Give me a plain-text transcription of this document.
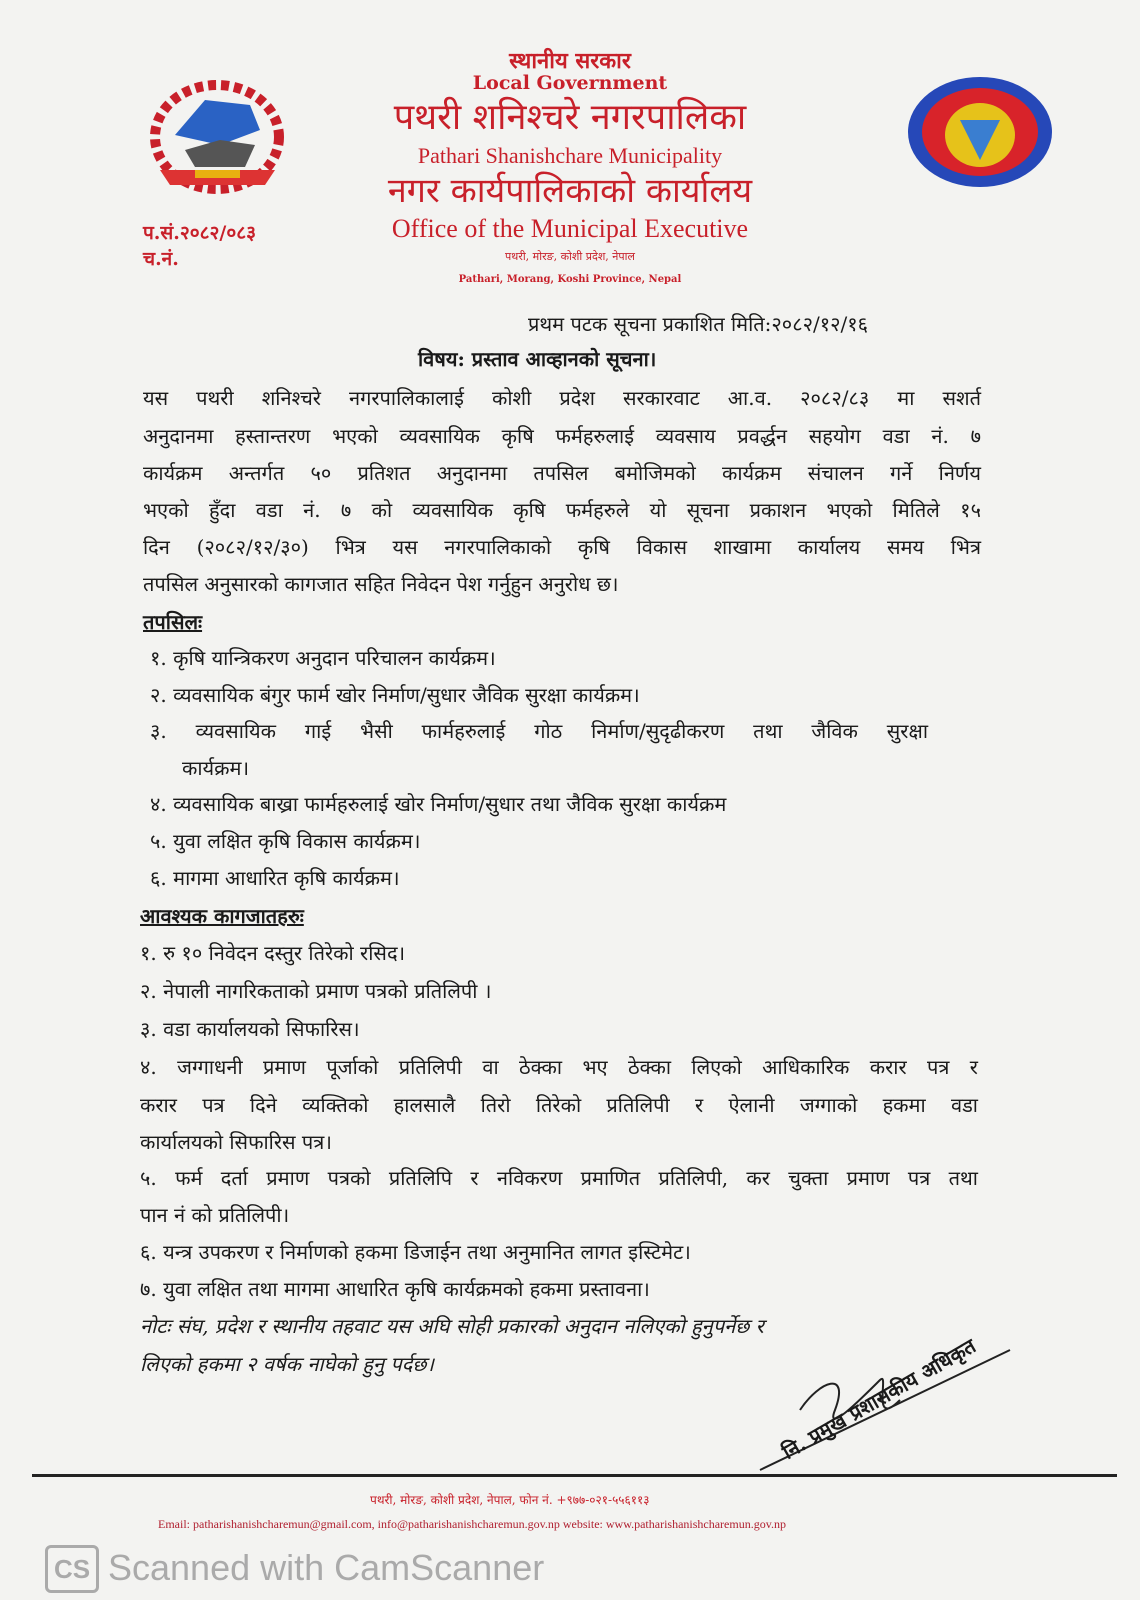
स्थानीय सरकार
Local Government
पथरी शनिश्चरे नगरपालिका
Pathari Shanishchare Municipality
नगर कार्यपालिकाको कार्यालय
Office of the Municipal Executive
पथरी, मोरङ, कोशी प्रदेश, नेपाल
Pathari, Morang, Koshi Province, Nepal
प.सं.२०८२/०८३
च.नं.
प्रथम पटक सूचना प्रकाशित मिति:२०८२/१२/१६
विषय: प्रस्ताव आव्हानको सूचना।
यस पथरी शनिश्चरे नगरपालिकालाई कोशी प्रदेश सरकारवाट आ.व. २०८२/८३ मा सशर्त
अनुदानमा हस्तान्तरण भएको व्यवसायिक कृषि फर्महरुलाई व्यवसाय प्रवर्द्धन सहयोग वडा नं. ७
कार्यक्रम अन्तर्गत ५० प्रतिशत अनुदानमा तपसिल बमोजिमको कार्यक्रम संचालन गर्ने निर्णय
भएको हुँदा वडा नं. ७ को व्यवसायिक कृषि फर्महरुले यो सूचना प्रकाशन भएको मितिले १५
दिन (२०८२/१२/३०) भित्र यस नगरपालिकाको कृषि विकास शाखामा कार्यालय समय भित्र
तपसिल अनुसारको कागजात सहित निवेदन पेश गर्नुहुन अनुरोध छ।
तपसिलः
१. कृषि यान्त्रिकरण अनुदान परिचालन कार्यक्रम।
२. व्यवसायिक बंगुर फार्म खोर निर्माण/सुधार जैविक सुरक्षा कार्यक्रम।
३. व्यवसायिक गाई भैसी फार्महरुलाई गोठ निर्माण/सुदृढीकरण तथा जैविक सुरक्षा
कार्यक्रम।
४. व्यवसायिक बाख्रा फार्महरुलाई खोर निर्माण/सुधार तथा जैविक सुरक्षा कार्यक्रम
५. युवा लक्षित कृषि विकास कार्यक्रम।
६. मागमा आधारित कृषि कार्यक्रम।
आवश्यक कागजातहरुः
१. रु १० निवेदन दस्तुर तिरेको रसिद।
२. नेपाली नागरिकताको प्रमाण पत्रको प्रतिलिपी ।
३. वडा कार्यालयको सिफारिस।
४. जग्गाधनी प्रमाण पूर्जाको प्रतिलिपी वा ठेक्का भए ठेक्का लिएको आधिकारिक करार पत्र र
करार पत्र दिने व्यक्तिको हालसालै तिरो तिरेको प्रतिलिपी र ऐलानी जग्गाको हकमा वडा
कार्यालयको सिफारिस पत्र।
५. फर्म दर्ता प्रमाण पत्रको प्रतिलिपि र नविकरण प्रमाणित प्रतिलिपी, कर चुक्ता प्रमाण पत्र तथा
पान नं को प्रतिलिपी।
६. यन्त्र उपकरण र निर्माणको हकमा डिजाईन तथा अनुमानित लागत इस्टिमेट।
७. युवा लक्षित तथा मागमा आधारित कृषि कार्यक्रमको हकमा प्रस्तावना।
नोटः संघ, प्रदेश र स्थानीय तहवाट यस अघि सोही प्रकारको अनुदान नलिएको हुनुपर्नेछ र
लिएको हकमा २ वर्षक नाघेको हुनु पर्दछ।	नि. प्रमुख प्रशासकीय अधिकृत
पथरी, मोरङ, कोशी प्रदेश, नेपाल, फोन नं. +९७७-०२१-५५६११३
Email: patharishanishcharemun@gmail.com, info@patharishanishcharemun.gov.np website: www.patharishanishcharemun.gov.np
CS Scanned with CamScanner
